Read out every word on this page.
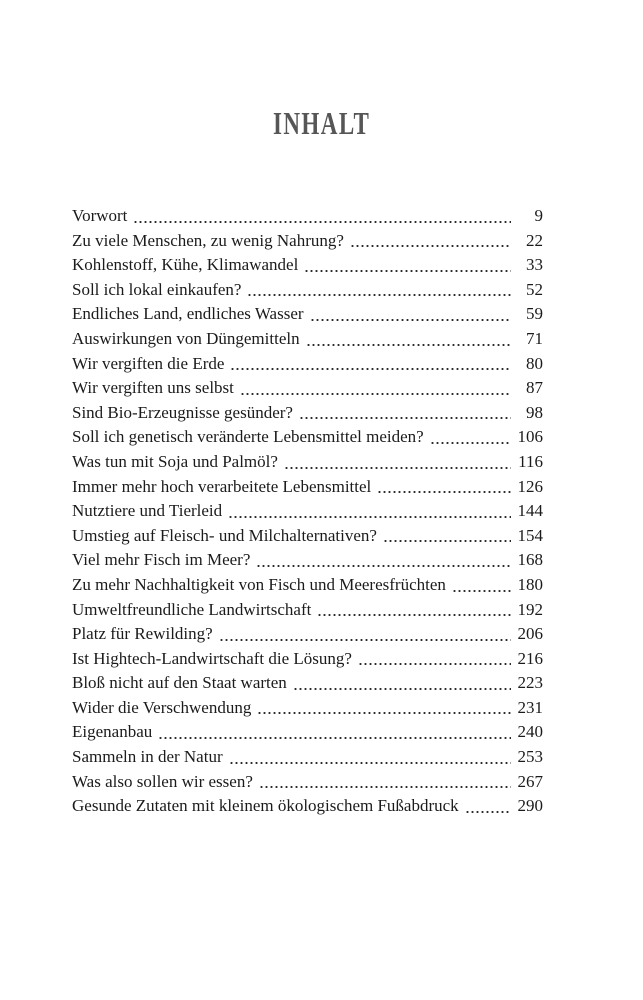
INHALT
Vorwort	9
Zu viele Menschen, zu wenig Nahrung?	22
Kohlenstoff, Kühe, Klimawandel	33
Soll ich lokal einkaufen?	52
Endliches Land, endliches Wasser	59
Auswirkungen von Düngemitteln	71
Wir vergiften die Erde	80
Wir vergiften uns selbst	87
Sind Bio-Erzeugnisse gesünder?	98
Soll ich genetisch veränderte Lebensmittel meiden?	106
Was tun mit Soja und Palmöl?	116
Immer mehr hoch verarbeitete Lebensmittel	126
Nutztiere und Tierleid	144
Umstieg auf Fleisch- und Milchalternativen?	154
Viel mehr Fisch im Meer?	168
Zu mehr Nachhaltigkeit von Fisch und Meeresfrüchten	180
Umweltfreundliche Landwirtschaft	192
Platz für Rewilding?	206
Ist Hightech-Landwirtschaft die Lösung?	216
Bloß nicht auf den Staat warten	223
Wider die Verschwendung	231
Eigenanbau	240
Sammeln in der Natur	253
Was also sollen wir essen?	267
Gesunde Zutaten mit kleinem ökologischem Fußabdruck	290
